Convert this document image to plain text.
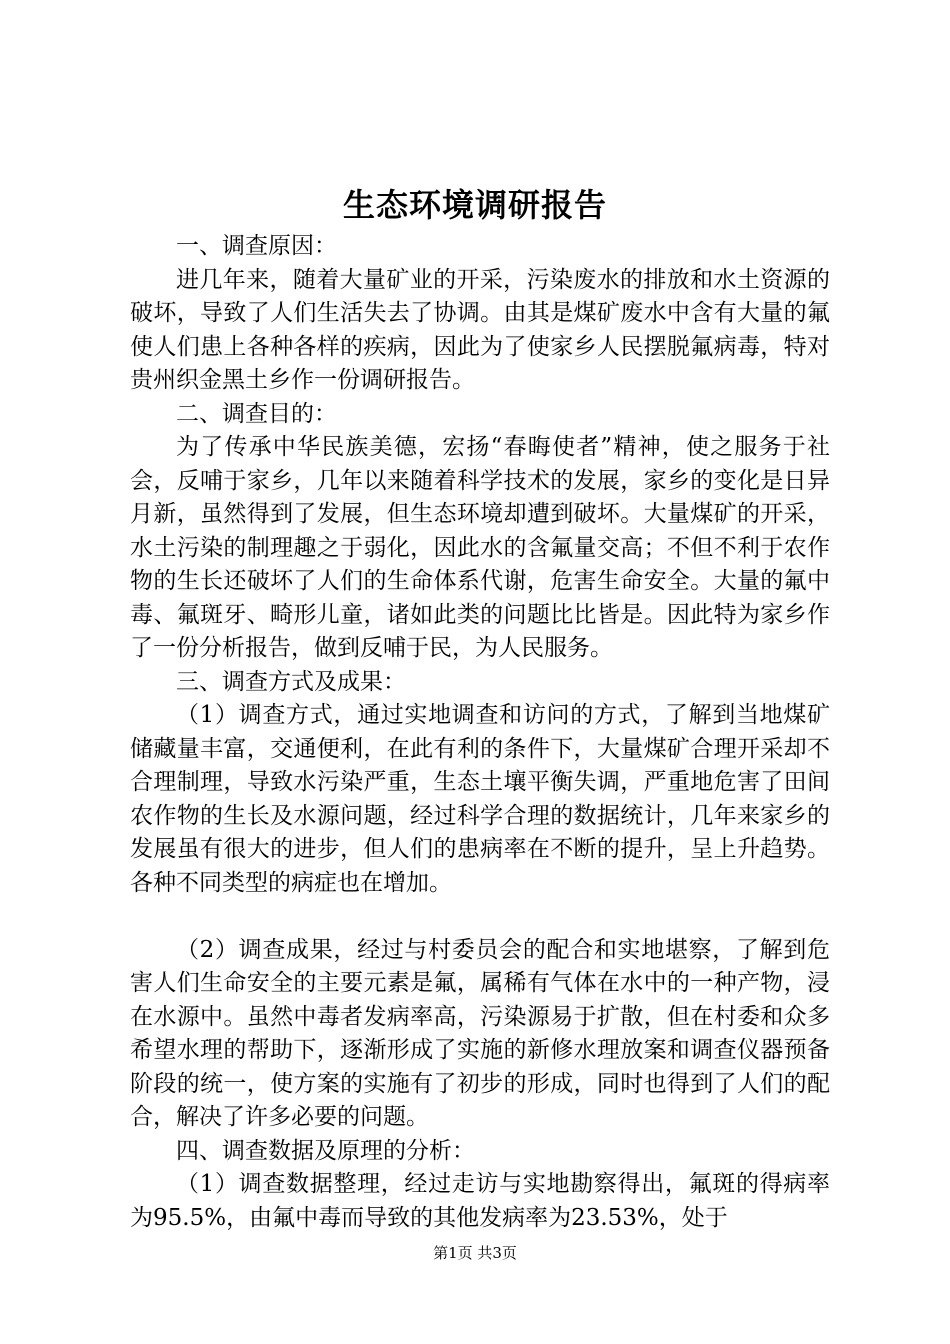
生态环境调研报告

一、调查原因：

进几年来，随着大量矿业的开采，污染废水的排放和水土资源的破坏，导致了人们生活失去了协调。由其是煤矿废水中含有大量的氟使人们患上各种各样的疾病，因此为了使家乡人民摆脱氟病毒，特对贵州织金黑土乡作一份调研报告。

二、调查目的：

为了传承中华民族美德，宏扬“春晦使者”精神，使之服务于社会，反哺于家乡，几年以来随着科学技术的发展，家乡的变化是日异月新，虽然得到了发展，但生态环境却遭到破坏。大量煤矿的开采，水土污染的制理趣之于弱化，因此水的含氟量交高；不但不利于农作物的生长还破坏了人们的生命体系代谢，危害生命安全。大量的氟中毒、氟斑牙、畸形儿童，诸如此类的问题比比皆是。因此特为家乡作了一份分析报告，做到反哺于民，为人民服务。

三、调查方式及成果：

（1）调查方式，通过实地调查和访问的方式，了解到当地煤矿储藏量丰富，交通便利，在此有利的条件下，大量煤矿合理开采却不合理制理，导致水污染严重，生态土壤平衡失调，严重地危害了田间农作物的生长及水源问题，经过科学合理的数据统计，几年来家乡的发展虽有很大的进步，但人们的患病率在不断的提升，呈上升趋势。各种不同类型的病症也在增加。

（2）调查成果，经过与村委员会的配合和实地堪察，了解到危害人们生命安全的主要元素是氟，属稀有气体在水中的一种产物，浸在水源中。虽然中毒者发病率高，污染源易于扩散，但在村委和众多希望水理的帮助下，逐渐形成了实施的新修水理放案和调查仪器预备阶段的统一，使方案的实施有了初步的形成，同时也得到了人们的配合，解决了许多必要的问题。

四、调查数据及原理的分析：

（1）调查数据整理，经过走访与实地勘察得出，氟斑的得病率为95.5%，由氟中毒而导致的其他发病率为23.53%，处于

第1页 共3页
